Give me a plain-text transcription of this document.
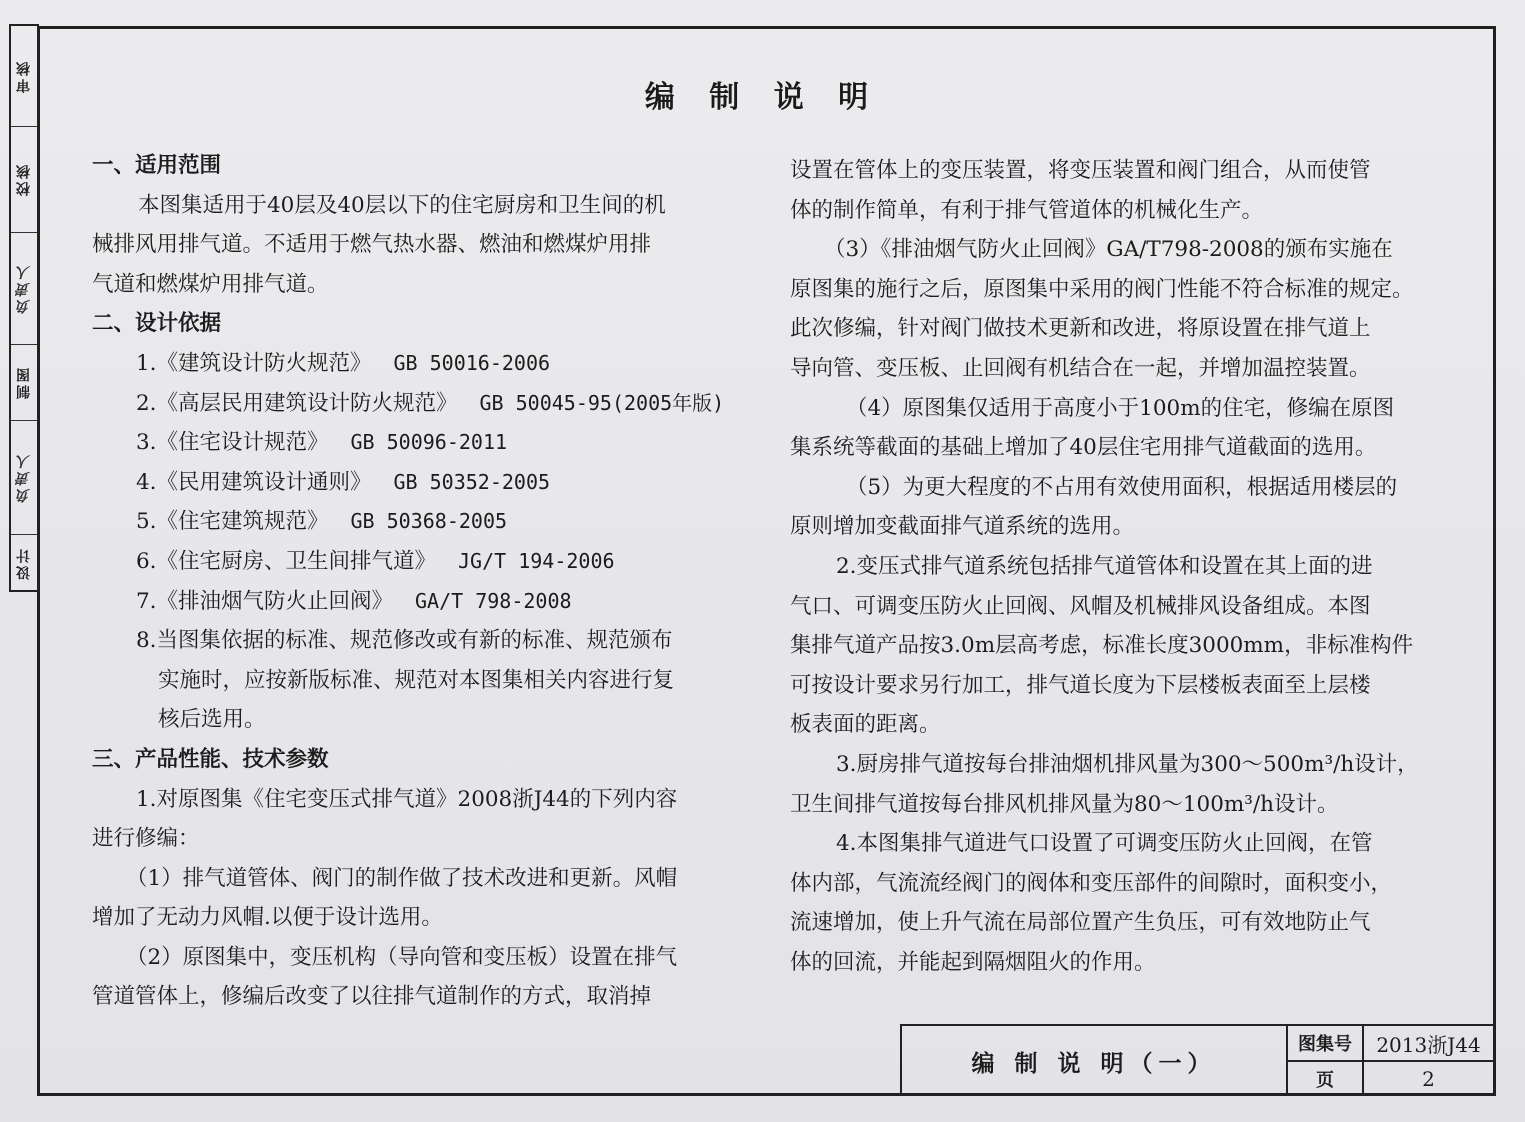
审核
校核
负责人
制图
负责人
设计
编 制 说 明

一、适用范围

本图集适用于40层及40层以下的住宅厨房和卫生间的机

械排风用排气道。不适用于燃气热水器、燃油和燃煤炉用排

气道和燃煤炉用排气道。

二、设计依据

1.《建筑设计防火规范》 GB 50016-2006

2.《高层民用建筑设计防火规范》 GB 50045-95(2005年版)

3.《住宅设计规范》 GB 50096-2011

4.《民用建筑设计通则》 GB 50352-2005

5.《住宅建筑规范》 GB 50368-2005

6.《住宅厨房、卫生间排气道》 JG/T 194-2006

7.《排油烟气防火止回阀》 GA/T 798-2008

8.当图集依据的标准、规范修改或有新的标准、规范颁布

实施时，应按新版标准、规范对本图集相关内容进行复

核后选用。

三、产品性能、技术参数

1.对原图集《住宅变压式排气道》2008浙J44的下列内容

进行修编：

（1）排气道管体、阀门的制作做了技术改进和更新。风帽

增加了无动力风帽.以便于设计选用。

（2）原图集中，变压机构（导向管和变压板）设置在排气

管道管体上，修编后改变了以往排气道制作的方式，取消掉

设置在管体上的变压装置，将变压装置和阀门组合，从而使管

体的制作简单，有利于排气管道体的机械化生产。

（3）《排油烟气防火止回阀》GA/T798-2008的颁布实施在

原图集的施行之后，原图集中采用的阀门性能不符合标准的规定。

此次修编，针对阀门做技术更新和改进，将原设置在排气道上

导向管、变压板、止回阀有机结合在一起，并增加温控装置。

（4）原图集仅适用于高度小于100m的住宅，修编在原图

集系统等截面的基础上增加了40层住宅用排气道截面的选用。

（5）为更大程度的不占用有效使用面积，根据适用楼层的

原则增加变截面排气道系统的选用。

2.变压式排气道系统包括排气道管体和设置在其上面的进

气口、可调变压防火止回阀、风帽及机械排风设备组成。本图

集排气道产品按3.0m层高考虑，标准长度3000mm，非标准构件

可按设计要求另行加工，排气道长度为下层楼板表面至上层楼

板表面的距离。

3.厨房排气道按每台排油烟机排风量为300～500m³/h设计，

卫生间排气道按每台排风机排风量为80～100m³/h设计。

4.本图集排气道进气口设置了可调变压防火止回阀，在管

体内部，气流流经阀门的阀体和变压部件的间隙时，面积变小，

流速增加，使上升气流在局部位置产生负压，可有效地防止气

体的回流，并能起到隔烟阻火的作用。

编 制 说 明（一）
图集号	2013浙J44
页	2
